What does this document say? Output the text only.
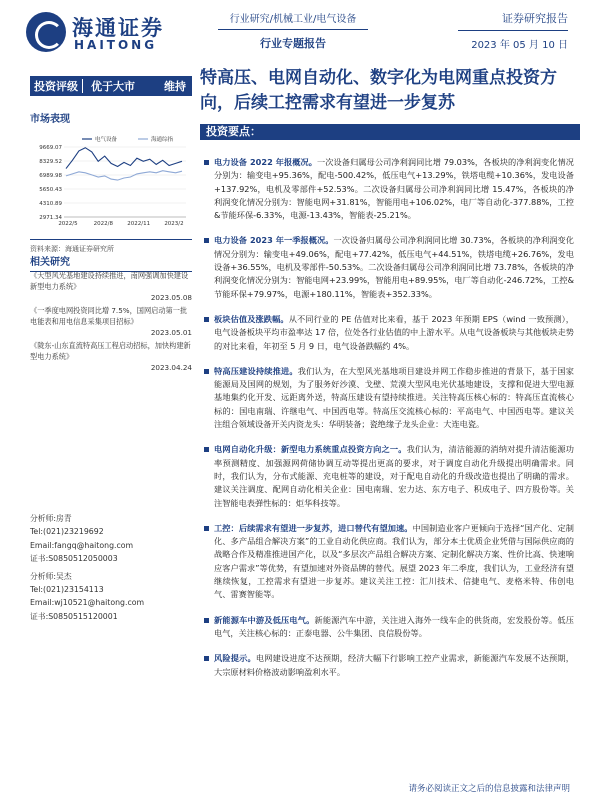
海通证券
HAITONG
行业研究/机械工业/电气设备
行业专题报告
证券研究报告
2023 年 05 月 10 日
投资评级	优于大市	维持
市场表现
2971.34
4310.89
5650.43
6989.98
8329.52
9669.07
2022/5	2022/8	2022/11	2023/2
电气设备	海通综指
资料来源：海通证券研究所
相关研究
《大型风光基地建设持续推进，南网强调加快建设新型电力系统》
2023.05.08
《一季度电网投资同比增 7.5%，国网启动第一批电能表和用电信息采集项目招标》
2023.05.01
《陇东-山东直流特高压工程启动招标，加快构建新型电力系统》
2023.04.24
分析师:房青
Tel:(021)23219692
Email:fangq@haitong.com
证书:S0850512050003
分析师:吴杰
Tel:(021)23154113
Email:wj10521@haitong.com
证书:S0850515120001
特高压、电网自动化、数字化为电网重点投资方向，后续工控需求有望进一步复苏
投资要点：
电力设备 2022 年报概况。一次设备归属母公司净利润同比增 79.03%，各板块的净利润变化情况分别为：输变电+95.36%，配电-500.42%，低压电气+13.29%，铁塔电缆+10.36%，发电设备+137.92%，电机及零部件+52.53%。二次设备归属母公司净利润同比增 15.47%，各板块的净利润变化情况分别为：智能电网+31.81%，智能用电+106.02%，电厂等自动化-377.88%，工控&节能环保-6.33%，电源-13.43%，智能表-25.21%。
电力设备 2023 年一季报概况。一次设备归属母公司净利润同比增 30.73%，各板块的净利润变化情况分别为：输变电+49.06%，配电+77.42%，低压电气+44.51%，铁塔电缆+26.76%，发电设备+36.55%，电机及零部件-50.53%。二次设备归属母公司净利润同比增 73.78%，各板块的净利润变化情况分别为：智能电网+23.99%，智能用电+89.95%，电厂等自动化-246.72%，工控&节能环保+79.97%，电源+180.11%，智能表+352.33%。
板块估值及涨跌幅。从不同行业的 PE 估值对比来看，基于 2023 年预期 EPS（wind 一致预测），电气设备板块平均市盈率达 17 倍，位处各行业估值的中上游水平。从电气设备板块与其他板块走势的对比来看，年初至 5 月 9 日，电气设备跌幅约 4%。
特高压建设持续推进。我们认为，在大型风光基地项目建设并网工作稳步推进的背景下，基于国家能源局及国网的规划，为了服务好沙漠、戈壁、荒漠大型风电光伏基地建设，支撑和促进大型电源基地集约化开发、远距离外送，特高压建设有望持续推进。关注特高压核心标的：特高压直流核心标的：国电南瑞、许继电气、中国西电等。特高压交流核心标的：平高电气、中国西电等。建议关注组合领域设备开关内资龙头：华明装备；瓷绝缘子龙头企业：大连电瓷。
电网自动化升级：新型电力系统重点投资方向之一。我们认为，清洁能源的消纳对提升清洁能源功率预测精度、加强源网荷储协调互动等提出更高的要求，对于调度自动化升级提出明确需求。同时，我们认为，分布式能源、充电桩等的建设，对于配电自动化的升级改造也提出了明确的需求。建议关注调度、配网自动化相关企业：国电南瑞、宏力达、东方电子、积成电子、四方股份等。关注智能电表弹性标的：炬华科技等。
工控：后续需求有望进一步复苏，进口替代有望加速。中国制造业客户更倾向于选择“国产化、定制化、多产品组合解决方案”的工业自动化供应商。我们认为，部分本土优质企业凭借与国际供应商的战略合作及精准推进国产化，以及“多层次产品组合解决方案、定制化解决方案、性价比高、快速响应客户需求”等优势，有望加速对外资品牌的替代。展望 2023 年二季度，我们认为，工业经济有望继续恢复，工控需求有望进一步复苏。建议关注工控：汇川技术、信捷电气、麦格米特、伟创电气、雷赛智能等。
新能源车中游及低压电气。新能源汽车中游，关注进入海外一线车企的供货商，宏发股份等。低压电气，关注核心标的：正泰电器、公牛集团、良信股份等。
风险提示。电网建设进度不达预期，经济大幅下行影响工控产业需求，新能源汽车发展不达预期，大宗原材料价格波动影响盈利水平。
请务必阅读正文之后的信息披露和法律声明
